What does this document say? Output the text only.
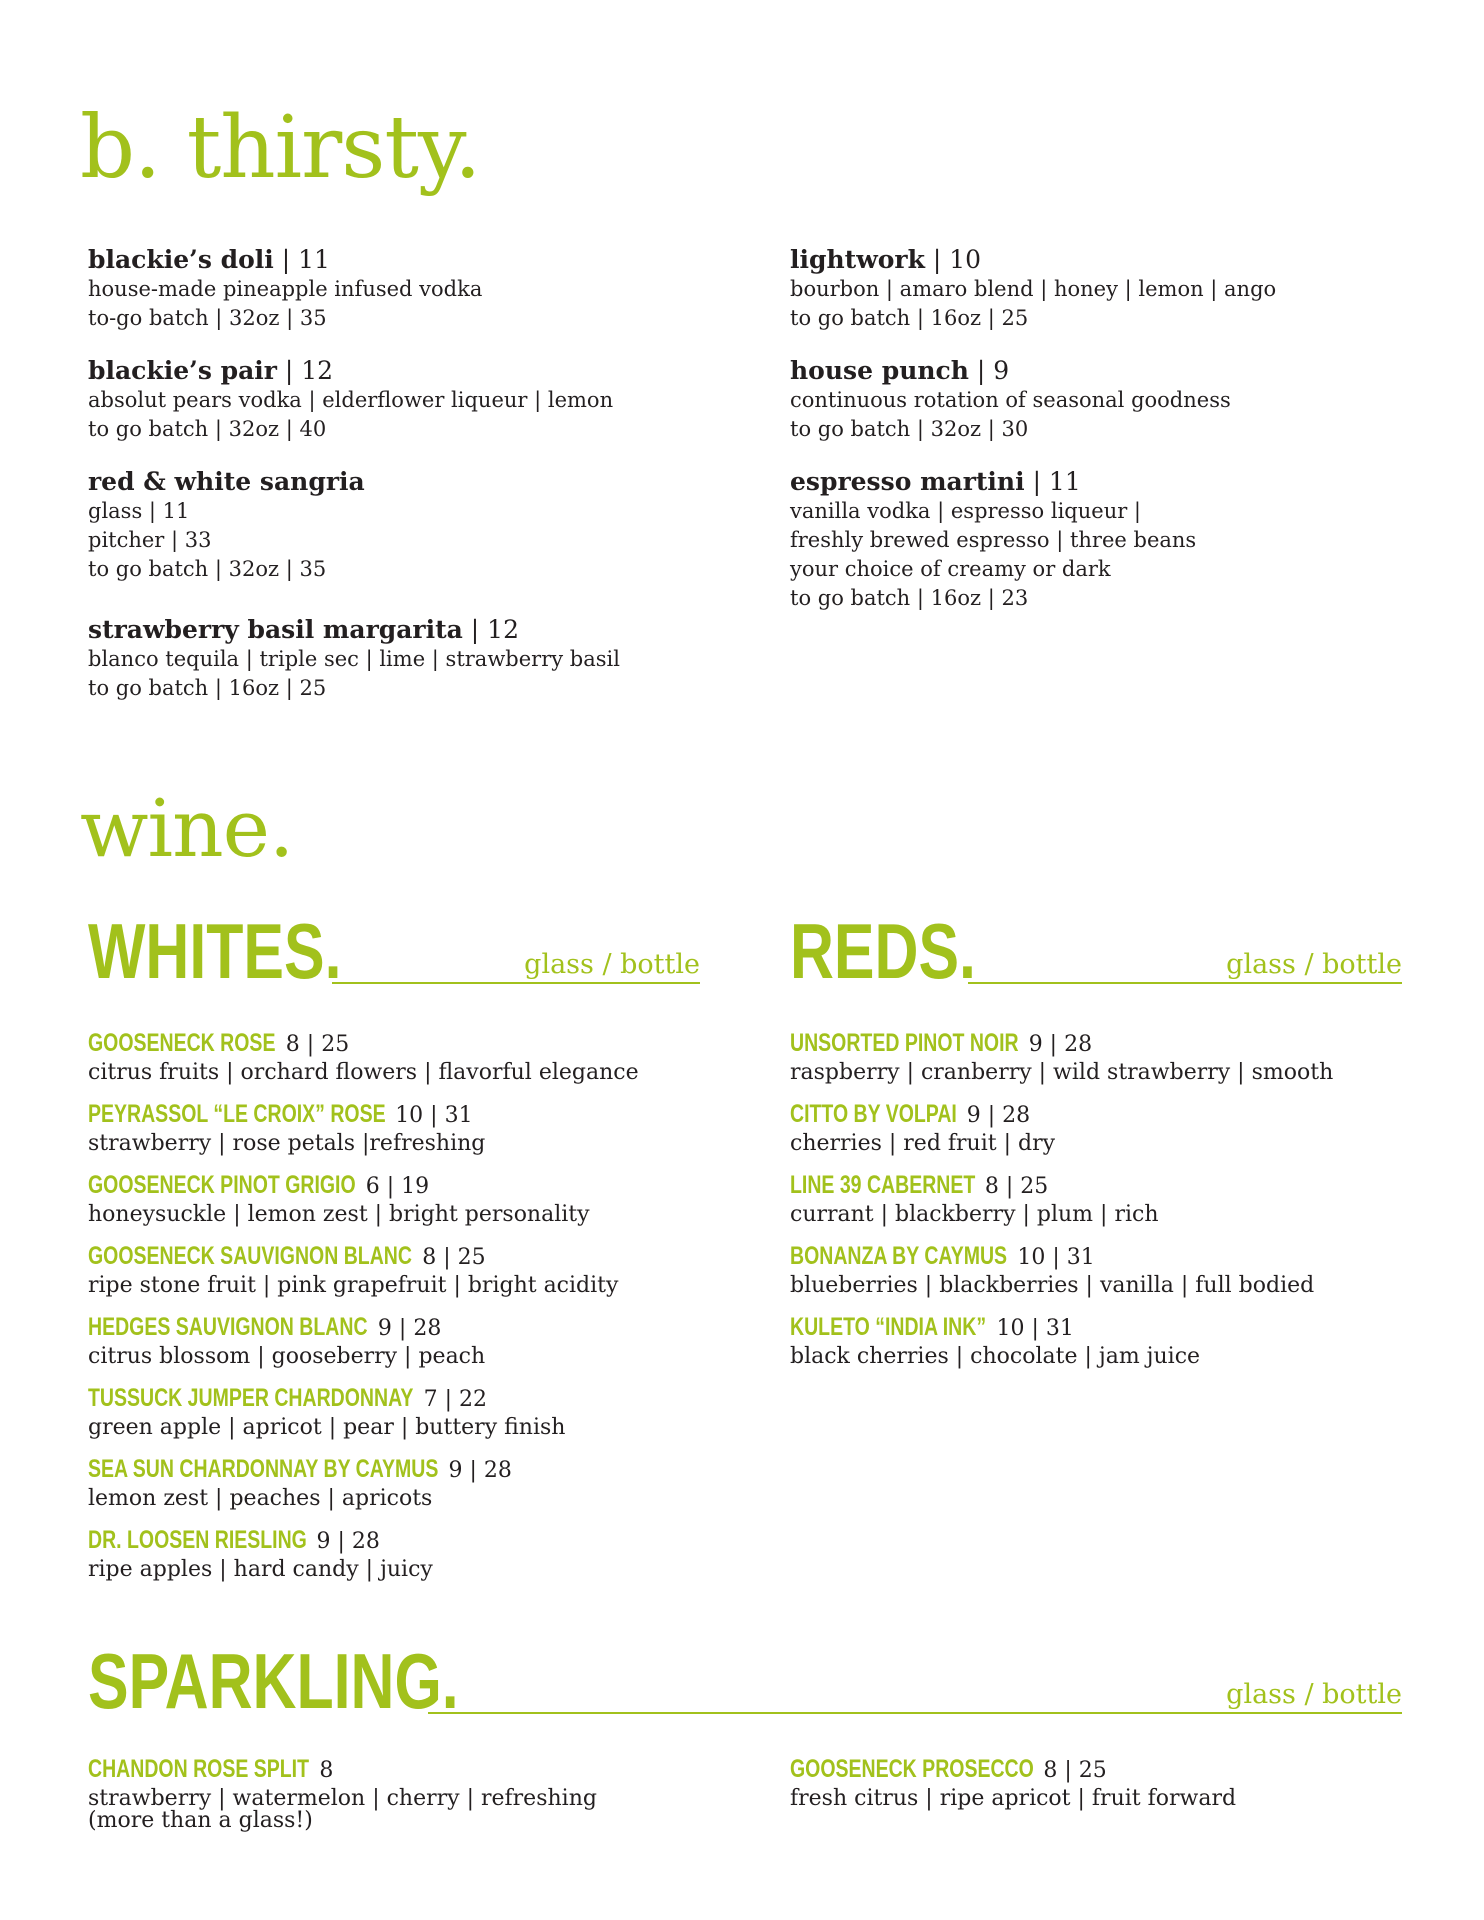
b. thirsty.
blackie’s doli | 11
house-made pineapple infused vodka
to-go batch | 32oz | 35
blackie’s pair | 12
absolut pears vodka | elderflower liqueur | lemon
to go batch | 32oz | 40
red & white sangria
glass | 11
pitcher | 33
to go batch | 32oz | 35
strawberry basil margarita | 12
blanco tequila | triple sec | lime | strawberry basil
to go batch | 16oz | 25
lightwork | 10
bourbon | amaro blend | honey | lemon | ango
to go batch | 16oz | 25
house punch | 9
continuous rotation of seasonal goodness
to go batch | 32oz | 30
espresso martini | 11
vanilla vodka | espresso liqueur |
freshly brewed espresso | three beans
your choice of creamy or dark
to go batch | 16oz | 23
wine.
WHITES.	glass / bottle REDS.	glass / bottle
GOOSENECK ROSE 8 | 25
citrus fruits | orchard flowers | flavorful elegance
PEYRASSOL “LE CROIX” ROSE 10 | 31
strawberry | rose petals |refreshing
GOOSENECK PINOT GRIGIO 6 | 19
honeysuckle | lemon zest | bright personality
GOOSENECK SAUVIGNON BLANC 8 | 25
ripe stone fruit | pink grapefruit | bright acidity
HEDGES SAUVIGNON BLANC 9 | 28
citrus blossom | gooseberry | peach
TUSSUCK JUMPER CHARDONNAY 7 | 22
green apple | apricot | pear | buttery finish
SEA SUN CHARDONNAY BY CAYMUS 9 | 28
lemon zest | peaches | apricots
DR. LOOSEN RIESLING 9 | 28
ripe apples | hard candy | juicy
UNSORTED PINOT NOIR 9 | 28
raspberry | cranberry | wild strawberry | smooth
CITTO BY VOLPAI 9 | 28
cherries | red fruit | dry
LINE 39 CABERNET 8 | 25
currant | blackberry | plum | rich
BONANZA BY CAYMUS 10 | 31
blueberries | blackberries | vanilla | full bodied
KULETO “INDIA INK” 10 | 31
black cherries | chocolate | jam juice
SPARKLING.	glass / bottle
CHANDON ROSE SPLIT 8
strawberry | watermelon | cherry | refreshing
(more than a glass!)
GOOSENECK PROSECCO 8 | 25
fresh citrus | ripe apricot | fruit forward
